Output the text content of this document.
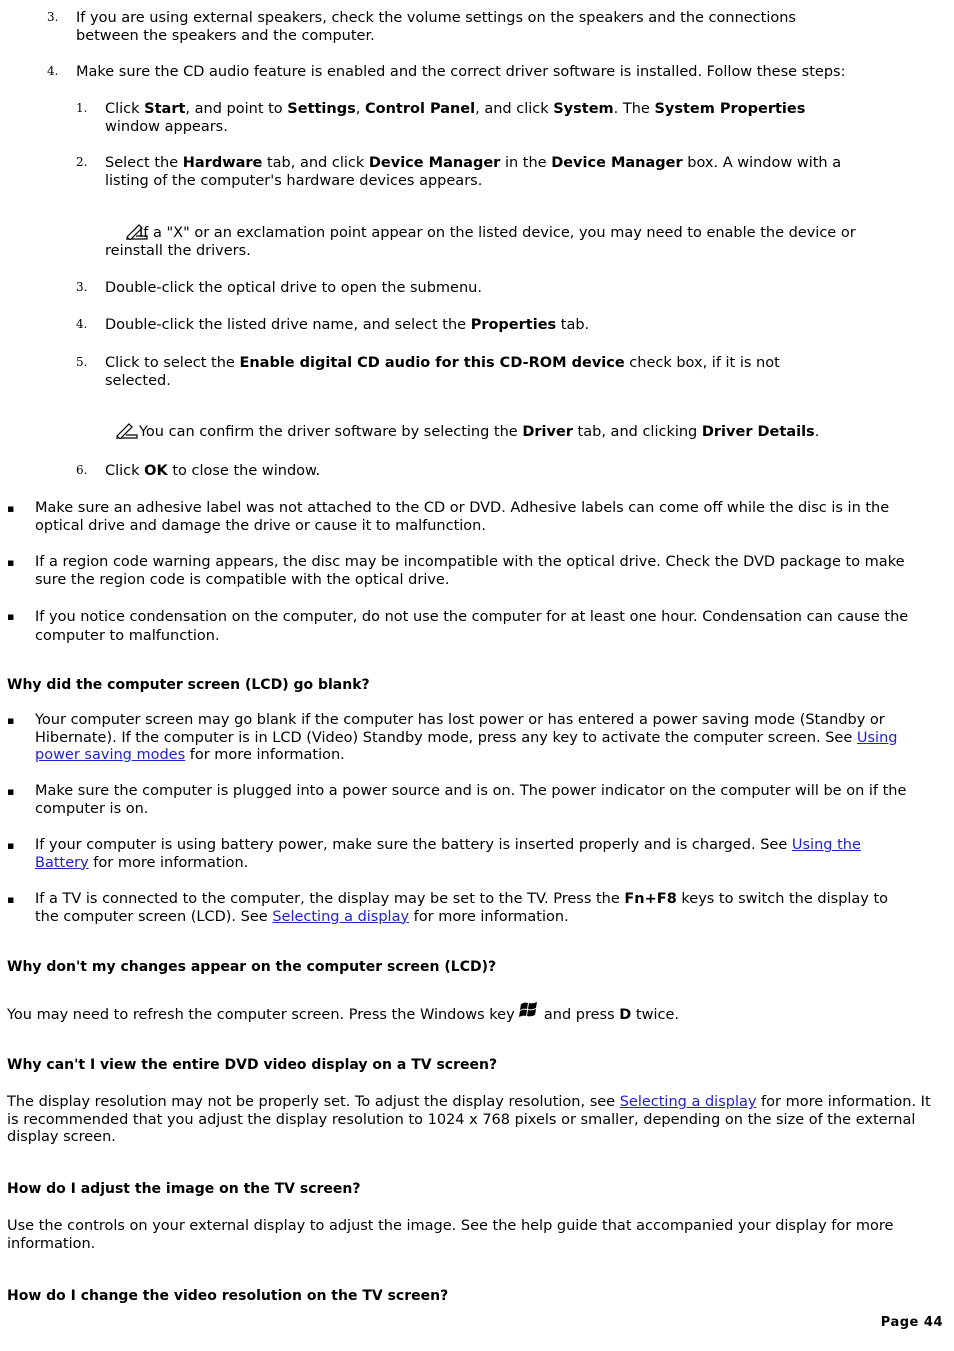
3. If you are using external speakers, check the volume settings on the speakers and the connections between the speakers and the computer.
4. Make sure the CD audio feature is enabled and the correct driver software is installed. Follow these steps:
1. Click Start, and point to Settings, Control Panel, and click System. The System Properties
window appears.
2. Select the Hardware tab, and click Device Manager in the Device Manager box. A window with a
listing of the computer's hardware devices appears.
If a "X" or an exclamation point appear on the listed device, you may need to enable the device or reinstall the drivers.
3. Double-click the optical drive to open the submenu.
4. Double-click the listed drive name, and select the Properties tab.
5. Click to select the Enable digital CD audio for this CD-ROM device check box, if it is not
selected.
You can confirm the driver software by selecting the Driver tab, and clicking Driver Details.
6. Click OK to close the window.
▪ Make sure an adhesive label was not attached to the CD or DVD. Adhesive labels can come off while the disc is in the optical drive and damage the drive or cause it to malfunction.
▪ If a region code warning appears, the disc may be incompatible with the optical drive. Check the DVD package to make sure the region code is compatible with the optical drive.
▪ If you notice condensation on the computer, do not use the computer for at least one hour. Condensation can cause the computer to malfunction.
Why did the computer screen (LCD) go blank?
▪ Your computer screen may go blank if the computer has lost power or has entered a power saving mode (Standby or Hibernate). If the computer is in LCD (Video) Standby mode, press any key to activate the computer screen. See Using power saving modes for more information.
▪ Make sure the computer is plugged into a power source and is on. The power indicator on the computer will be on if the computer is on.
▪ If your computer is using battery power, make sure the battery is inserted properly and is charged. See Using the Battery for more information.
▪ If a TV is connected to the computer, the display may be set to the TV. Press the Fn+F8 keys to switch the display to the computer screen (LCD). See Selecting a display for more information.
Why don't my changes appear on the computer screen (LCD)?
You may need to refresh the computer screen. Press the Windows key  and press D twice.
Why can't I view the entire DVD video display on a TV screen?
The display resolution may not be properly set. To adjust the display resolution, see Selecting a display for more information. It is recommended that you adjust the display resolution to 1024 x 768 pixels or smaller, depending on the size of the external display screen.
How do I adjust the image on the TV screen?
Use the controls on your external display to adjust the image. See the help guide that accompanied your display for more information.
How do I change the video resolution on the TV screen?
Page 44
